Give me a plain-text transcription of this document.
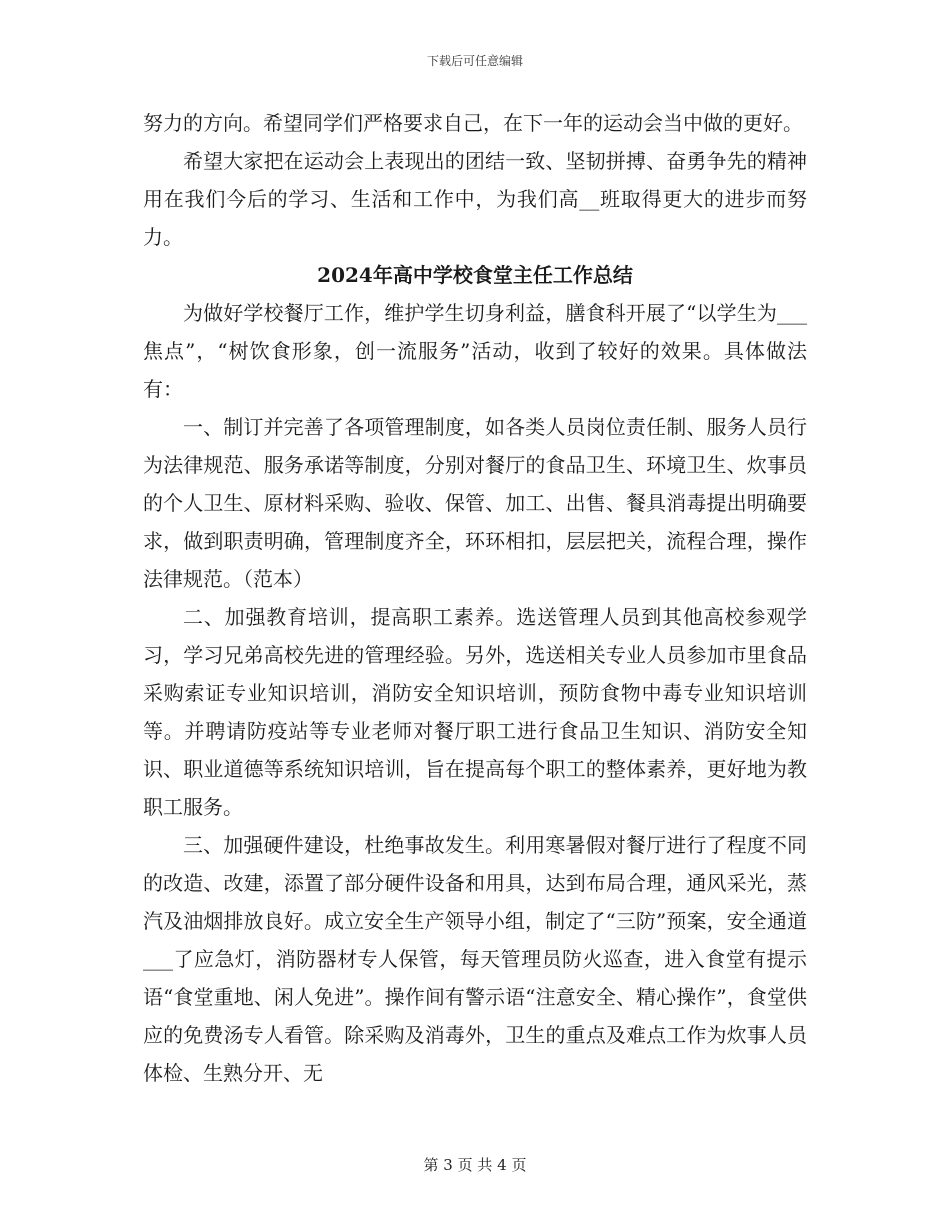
下载后可任意编辑

努力的方向。希望同学们严格要求自己，在下一年的运动会当中做的更好。

希望大家把在运动会上表现出的团结一致、坚韧拼搏、奋勇争先的精神用在我们今后的学习、生活和工作中，为我们高__班取得更大的进步而努力。

2024年高中学校食堂主任工作总结

为做好学校餐厅工作，维护学生切身利益，膳食科开展了“以学生为___焦点”，“树饮食形象，创一流服务”活动，收到了较好的效果。具体做法有：

一、制订并完善了各项管理制度，如各类人员岗位责任制、服务人员行为法律规范、服务承诺等制度，分别对餐厅的食品卫生、环境卫生、炊事员的个人卫生、原材料采购、验收、保管、加工、出售、餐具消毒提出明确要求，做到职责明确，管理制度齐全，环环相扣，层层把关，流程合理，操作法律规范。（范本）

二、加强教育培训，提高职工素养。选送管理人员到其他高校参观学习，学习兄弟高校先进的管理经验。另外，选送相关专业人员参加市里食品采购索证专业知识培训，消防安全知识培训，预防食物中毒专业知识培训等。并聘请防疫站等专业老师对餐厅职工进行食品卫生知识、消防安全知识、职业道德等系统知识培训，旨在提高每个职工的整体素养，更好地为教职工服务。

三、加强硬件建设，杜绝事故发生。利用寒暑假对餐厅进行了程度不同的改造、改建，添置了部分硬件设备和用具，达到布局合理，通风采光，蒸汽及油烟排放良好。成立安全生产领导小组，制定了“三防”预案，安全通道___了应急灯，消防器材专人保管，每天管理员防火巡查，进入食堂有提示语“食堂重地、闲人免进”。操作间有警示语“注意安全、精心操作”，食堂供应的免费汤专人看管。除采购及消毒外，卫生的重点及难点工作为炊事人员体检、生熟分开、无

第 3 页 共 4 页
